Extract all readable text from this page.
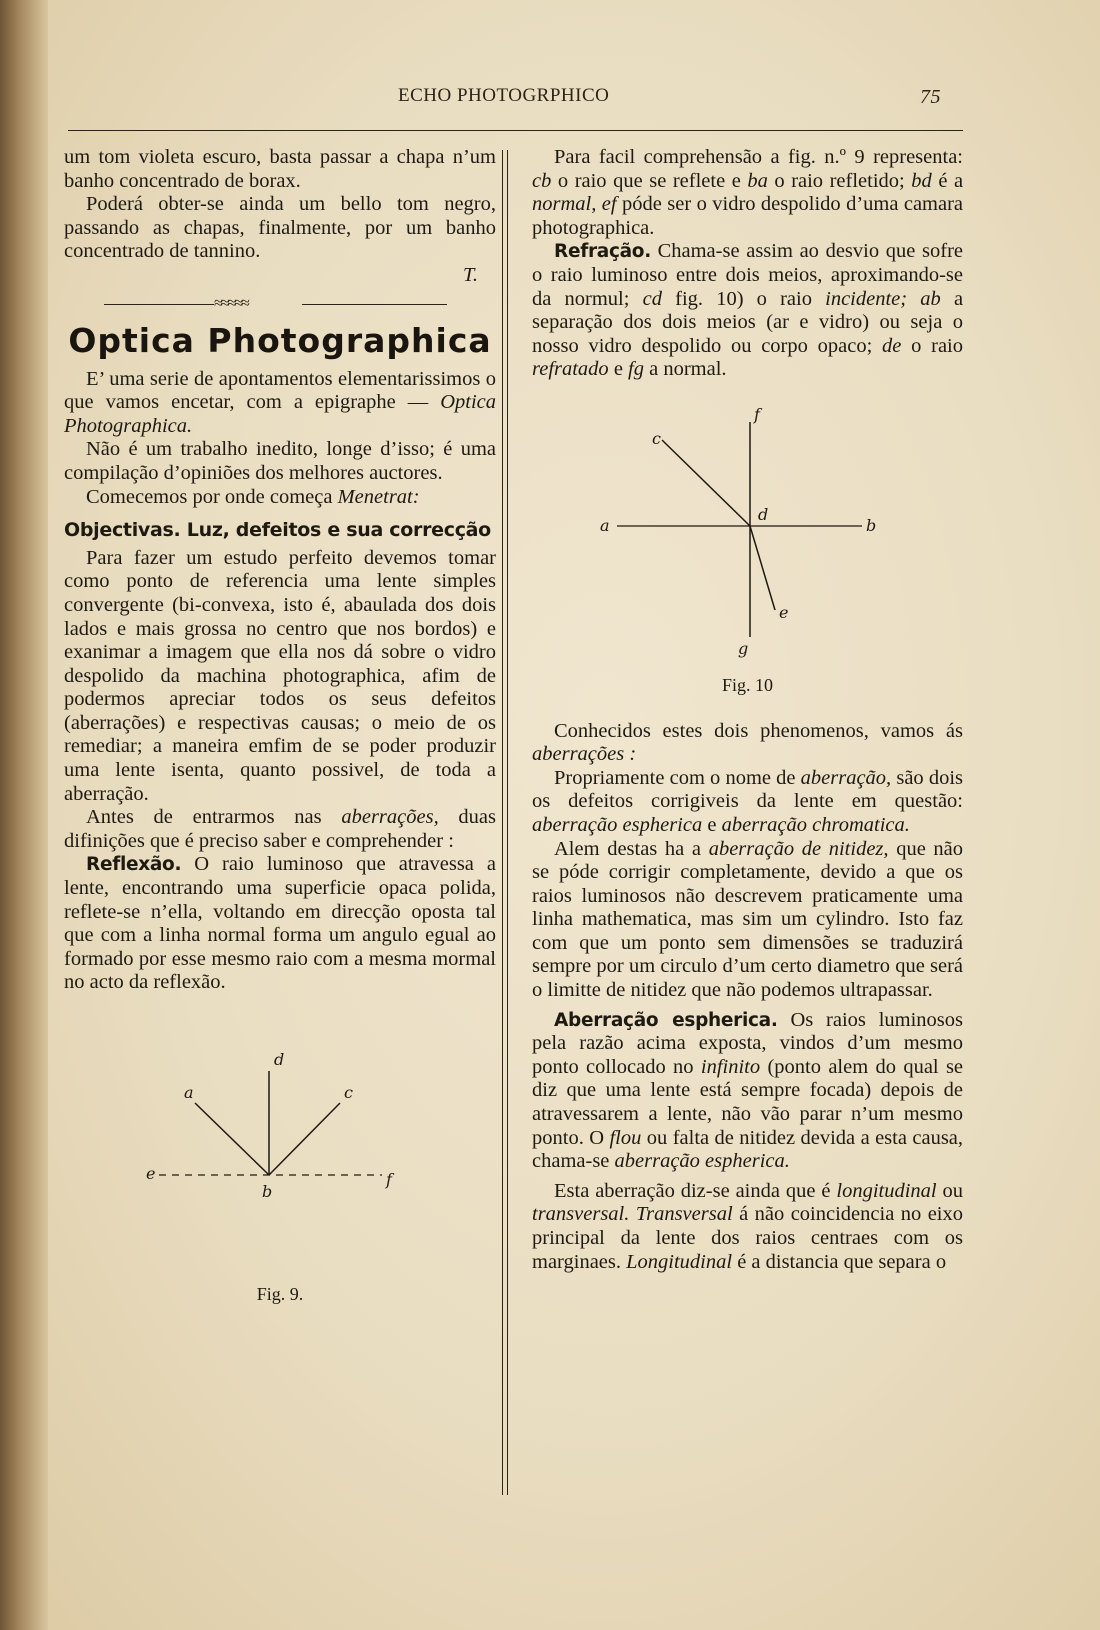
ECHO PHOTOGRPHICO	75

um tom violeta escuro, basta passar a chapa n’um banho concentrado de borax.

Poderá obter-se ainda um bello tom negro, passando as chapas, finalmente, por um banho concentrado de tannino.

T.

≈≈≈≈≈
Optica Photographica

E’ uma serie de apontamentos elementarissimos o que vamos encetar, com a epigraphe — Optica Photographica.

Não é um trabalho inedito, longe d’isso; é uma compilação d’opiniões dos melhores auctores.

Comecemos por onde começa Menetrat:

Objectivas. Luz, defeitos e sua correcção

Para fazer um estudo perfeito devemos tomar como ponto de referencia uma lente simples convergente (bi-convexa, isto é, abaulada dos dois lados e mais grossa no centro que nos bordos) e exanimar a imagem que ella nos dá sobre o vidro despolido da machina photographica, afim de podermos apreciar todos os seus defeitos (aberrações) e respectivas causas; o meio de os remediar; a maneira emfim de se poder produzir uma lente isenta, quanto possivel, de toda a aberração.

Antes de entrarmos nas aberrações, duas difinições que é preciso saber e comprehender :

Reflexão. O raio luminoso que atravessa a lente, encontrando uma superficie opaca polida, reflete-se n’ella, voltando em direcção oposta tal que com a linha normal forma um angulo egual ao formado por esse mesmo raio com a mesma mormal no acto da reflexão.

a
d
c
e
b
f

Fig. 9.

Para facil comprehensão a fig. n.º 9 representa: cb o raio que se reflete e ba o raio refletido; bd é a normal, ef póde ser o vidro despolido d’uma camara photographica.

Refração. Chama-se assim ao desvio que sofre o raio luminoso entre dois meios, aproximando-se da normul; cd fig. 10) o raio incidente; ab a separação dos dois meios (ar e vidro) ou seja o nosso vidro despolido ou corpo opaco; de o raio refratado e fg a normal.

f
c
a
d
b
e
g

Fig. 10

Conhecidos estes dois phenomenos, vamos ás aberrações :

Propriamente com o nome de aberração, são dois os defeitos corrigiveis da lente em questão: aberração espherica e aberração chromatica.

Alem destas ha a aberração de nitidez, que não se póde corrigir completamente, devido a que os raios luminosos não descrevem praticamente uma linha mathematica, mas sim um cylindro. Isto faz com que um ponto sem dimensões se traduzirá sempre por um circulo d’um certo diametro que será o limitte de nitidez que não podemos ultrapassar.

Aberração espherica. Os raios luminosos pela razão acima exposta, vindos d’um mesmo ponto collocado no infinito (ponto alem do qual se diz que uma lente está sempre focada) depois de atravessarem a lente, não vão parar n’um mesmo ponto. O flou ou falta de nitidez devida a esta causa, chama-se aberração espherica.

Esta aberração diz-se ainda que é longitudinal ou transversal. Transversal á não coincidencia no eixo principal da lente dos raios centraes com os marginaes. Longitudinal é a distancia que separa o
